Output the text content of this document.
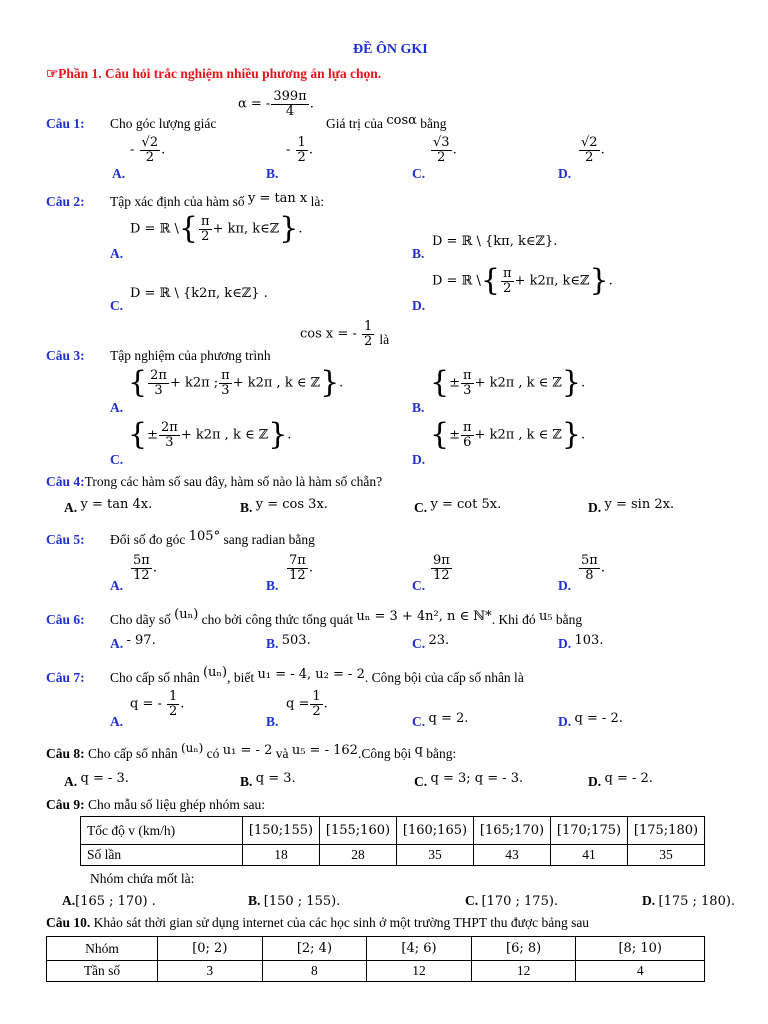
ĐỀ ÔN GKI
☞Phần 1. Câu hỏi trắc nghiệm nhiều phương án lựa chọn.
Câu 1: Cho góc lượng giác
α = - $\frac{399\pi}{4}$ .
Giá trị của cosα bằng
A.
- $\frac{√2}{2}$ .
B.
- $\frac{1}{2}$ .
C.
$\frac{√3}{2}$ .
D.
$\frac{√2}{2}$ .
Câu 2: Tập xác định của hàm số y = tan x là:
A.
D = ℝ \{ $\frac{\pi}{2} + k\pi$, k∈ℤ}.
B.
D = ℝ \ {kπ, k∈ℤ}.
C.
D = ℝ \ {k2π, k∈ℤ} .
D.
D = ℝ \{ $\frac{\pi}{2} + k2\pi$, k∈ℤ}.
Câu 3: Tập nghiệm của phương trình
cos x = - $\frac{1}{2}$ là
A.
{ $\frac{2\pi}{3} + k2\pi$ ; $\frac{\pi}{3} + k2\pi$ , k ∈ ℤ}.
B.
{± $\frac{\pi}{3} + k2\pi$ , k ∈ ℤ}.
C.
{± $\frac{2\pi}{3} + k2\pi$ , k ∈ ℤ}.
D.
{± $\frac{\pi}{6} + k2\pi$ , k ∈ ℤ}.
Câu 4:Trong các hàm số sau đây, hàm số nào là hàm số chẵn?
A. y = tan 4x.	B. y = cos 3x.	C. y = cot 5x.	D. y = sin 2x.
Câu 5: Đổi số đo góc 105° sang radian bằng
A.
$\frac{5\pi}{12}$ .
B.
$\frac{7\pi}{12}$ .
C.
$\frac{9\pi}{12}$
D.
$\frac{5\pi}{8}$ .
Câu 6: Cho dãy số (uₙ) cho bởi công thức tổng quát uₙ = 3 + 4n², n ∈ ℕ*. Khi đó u₅ bằng
A. - 97.	B. 503.	C. 23.	D. 103.
Câu 7: Cho cấp số nhân (uₙ), biết u₁ = - 4, u₂ = - 2. Công bội của cấp số nhân là
A.
q = - $\frac{1}{2}$ .
B.
$q = \frac{1}{2}$ .
C. q = 2.	D. q = - 2.
Câu 8: Cho cấp số nhân (uₙ) có u₁ = - 2 và u₅ = - 162.Công bội q bằng:
A. q = - 3.	B. q = 3.	C. q = 3; q = - 3.	D. q = - 2.
Câu 9: Cho mẫu số liệu ghép nhóm sau:
Tốc độ v (km/h)	[150;155)	[155;160)	[160;165)	[165;170)	[170;175)	[175;180)
Số lần	18	28	35	43	41	35
Nhóm chứa mốt là:
A.[165 ; 170) .	B. [150 ; 155).	C. [170 ; 175).	D. [175 ; 180).
Câu 10. Khảo sát thời gian sử dụng internet của các học sinh ở một trường THPT thu được bảng sau
Nhóm	[0; 2)	[2; 4)	[4; 6)	[6; 8)	[8; 10)
Tần số	3	8	12	12	4
